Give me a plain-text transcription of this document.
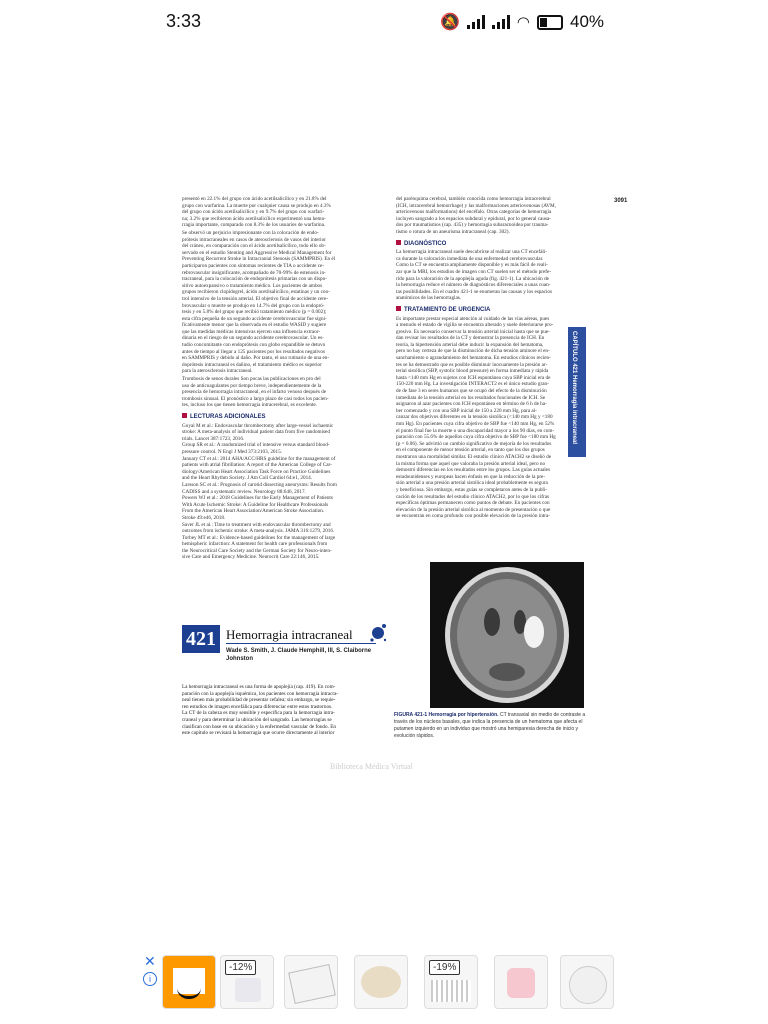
3:33	🔕	◠ 40%
3091
presentó en 22.1% del grupo con ácido acetilsalicílico y en 21.8% del
grupo con warfarina. La muerte por cualquier causa se produjo en 4.3%
del grupo con ácido acetilsalicílico y en 9.7% del grupo con warfari-
na; 3.2% que recibieron ácido acetilsalicílico experimentó una hemo-
rragia importante, comparado con 8.3% de los usuarios de warfarina.
Se observó un perjuicio impresionante con la colocación de endo-
prótesis intracraneales en casos de aterosclerosis de vasos del interior
del cráneo, en comparación con el ácido acetilsalicílico, todo ello ob-
servado en el estudio Stenting and Aggressive Medical Management for
Preventing Recurrent Stroke in Intracranial Stenosis (SAMMPRIS). En él
participaron pacientes con síntomas recientes de TIA o accidente ce-
rebrovascular insignificante, acompañado de 70-99% de estenosis in-
tracraneal, para la colocación de endoprótesis primarias con un dispo-
sitivo autoexpansivo o tratamiento médico. Los pacientes de ambos
grupos recibieron clopidogrel, ácido acetilsalicílico, estatinas y un con-
trol intensivo de la tensión arterial. El objetivo final de accidente cere-
brovascular o muerte se produjo en 14.7% del grupo con la endopró-
tesis y en 5.8% del grupo que recibió tratamiento médico (p = 0.002);
esta cifra pequeña de un segundo accidente cerebrovascular fue signi-
ficativamente menor que la observada en el estudio WASID y sugiere
que las medidas médicas intensivas ejercen una influencia extraor-
dinaria en el riesgo de un segundo accidente cerebrovascular. Un es-
tudio concomitante con endoprótesis con globo expandible se detuvo
antes de tiempo al llegar a 125 pacientes por los resultados negativos
en SAMMPRIS y debido al daño. Por tanto, el uso rutinario de una en-
doprótesis intracraneal es dañino, el tratamiento médico es superior
para la aterosclerosis intracraneal.
Trombosis de senos durales Son pocas las publicaciones en pro del
uso de anticoagulantes por tiempo breve, independientemente de la
presencia de hemorragia intracraneal, en el infarto venoso después de
trombosis sinusal. El pronóstico a largo plazo de casi todos los pacien-
tes, incluso los que tienen hemorragia intracerebral, es excelente.
LECTURAS ADICIONALES
Goyal M et al.: Endovascular thrombectomy after large-vessel ischaemic
stroke: A meta-analysis of individual patient data from five randomised
trials. Lancet 387:1723, 2016.
Group SR et al.: A randomized trial of intensive versus standard blood-
pressure control. N Engl J Med 373:2103, 2015.
January CT et al.: 2014 AHA/ACC/HRS guideline for the management of
patients with atrial fibrillation: A report of the American College of Car-
diology/American Heart Association Task Force on Practice Guidelines
and the Heart Rhythm Society. J Am Coll Cardiol 64:e1, 2014.
Larsson SC et al.: Prognosis of carotid dissecting aneurysms: Results from
CADISS and a systematic review. Neurology 88:646, 2017.
Powers WJ et al.: 2018 Guidelines for the Early Management of Patients
With Acute Ischemic Stroke: A Guideline for Healthcare Professionals
From the American Heart Association/American Stroke Association.
Stroke 49:e46, 2018.
Saver JL et al.: Time to treatment with endovascular thrombectomy and
outcomes from ischemic stroke: A meta-analysis. JAMA 316:1279, 2016.
Torbey MT et al.: Evidence-based guidelines for the management of large
hemispheric infarction: A statement for health care professionals from
the Neurocritical Care Society and the German Society for Neuro-inten-
sive Care and Emergency Medicine. Neurocrit Care 22:146, 2015.
del parénquima cerebral, también conocida como hemorragia intracerebral
(ICH, intracerebral hemorrhage) y las malformaciones arteriovenosas (AVM,
arteriovenous malformations) del encéfalo. Otras categorías de hemorragia
incluyen sangrado a los espacios subdural y epidural, por lo general causa-
dos por traumatismos (cap. 435) y hemorragia subaracnoidea por trauma-
tismo o rotura de un aneurisma intracraneal (cap. 302).
DIAGNÓSTICO
La hemorragia intracraneal suele descubrirse al realizar una CT encefáli-
ca durante la valoración inmediata de una enfermedad cerebrovascular.
Como la CT se encuentra ampliamente disponible y es más fácil de reali-
zar que la MRI, los estudios de imagen con CT suelen ser el método prefe-
rido para la valoración de la apoplejía aguda (fig. 421-1). La ubicación de
la hemorragia reduce el número de diagnósticos diferenciales a unas cuan-
tas posibilidades. En el cuadro 421-1 se enumeran las causas y los espacios
anatómicos de las hemorragias.
TRATAMIENTO DE URGENCIA
Es importante prestar especial atención al cuidado de las vías aéreas, pues
a menudo el estado de vigilia se encuentra alterado y suele deteriorarse pro-
gresivo. Es necesario conservar la tensión arterial inicial hasta que se pue-
dan revisar los resultados de la CT y demostrar la presencia de ICH. En
teoría, la hipertensión arterial debe inducir la expansión del hematoma,
pero no hay certeza de que la disminución de dicha tensión aminore el en-
sanchamiento o agrandamiento del hematoma. En estudios clínicos recien-
tes se ha demostrado que es posible disminuir inocuamente la presión ar-
terial sistólica (SBP, systolic blood pressure) en forma inmediata y rápida
hasta <140 mm Hg en sujetos con ICH espontánea cuya SBP inicial era de
150-220 mm Hg. La investigación INTERACT2 es el único estudio gran-
de de fase 3 en seres humanos que se ocupó del efecto de la disminución
inmediata de la tensión arterial en los resultados funcionales de ICH. Se
asignaron al azar pacientes con ICH espontánea en término de 6 h de ha-
ber comenzado y con una SBP inicial de 150 a 220 mm Hg, para al-
canzar dos objetivos diferentes en la tensión sistólica (<140 mm Hg y <180
mm Hg). En pacientes cuya cifra objetivo de SBP fue <140 mm Hg, en 52%
el punto final fue la muerte o una discapacidad mayor a los 90 días, en com-
paración con 55.6% de aquellos cuya cifra objetivo de SBP fue <180 mm Hg
(p = 0.06). Se advirtió un cambio significativo de mejoría de los resultados
en el componente de menor tensión arterial, en tanto que los dos grupos
mostraron una mortalidad similar. El estudio clínico ATACH2 se diseñó de
la misma forma que aquel que valoraba la presión arterial ideal, pero no
demostró diferencias en los resultados entre los grupos. Las guías actuales
estadounidenses y europeas hacen énfasis en que la reducción de la pre-
sión arterial a una presión arterial sistólica ideal probablemente es segura
y beneficiosa. Sin embargo, estas guías se completaron antes de la publi-
cación de los resultados del estudio clínico ATACH2, por lo que los cifras
específicas óptimas permanecen como puntos de debate. En pacientes con
elevación de la presión arterial sistólica al momento de presentación o que
se encuentran en coma profundo con posible elevación de la presión intra-
CAPÍTULO 421 Hemorragia intracraneal
421 Hemorragia intracraneal
Wade S. Smith, J. Claude Hemphill, III, S. Claiborne Johnston
La hemorragia intracraneal es una forma de apoplejía (cap. 419). En com-
paración con la apoplejía isquémica, los pacientes con hemorragia intracra-
neal tienen más probabilidad de presentar cefalea; sin embargo, se requie-
ren estudios de imagen encefálica para diferenciar entre estos trastornos.
La CT de la cabeza es muy sensible y específica para la hemorragia intra-
craneal y para determinar la ubicación del sangrado. Las hemorragias se
clasifican con base en su ubicación y la enfermedad vascular de fondo. En
este capítulo se revisará la hemorragia que ocurre directamente al interior
FIGURA 421-1 Hemorragia por hipertensión. CT transaxial sin medio de contraste a través de los núcleos basales, que indica la presencia de un hematoma que afecta el putamen izquierdo en un individuo que mostró una hemiparesia derecha de inicio y evolución rápidos.
Biblioteca Médica Virtual
✕
i
-12%	-19%
